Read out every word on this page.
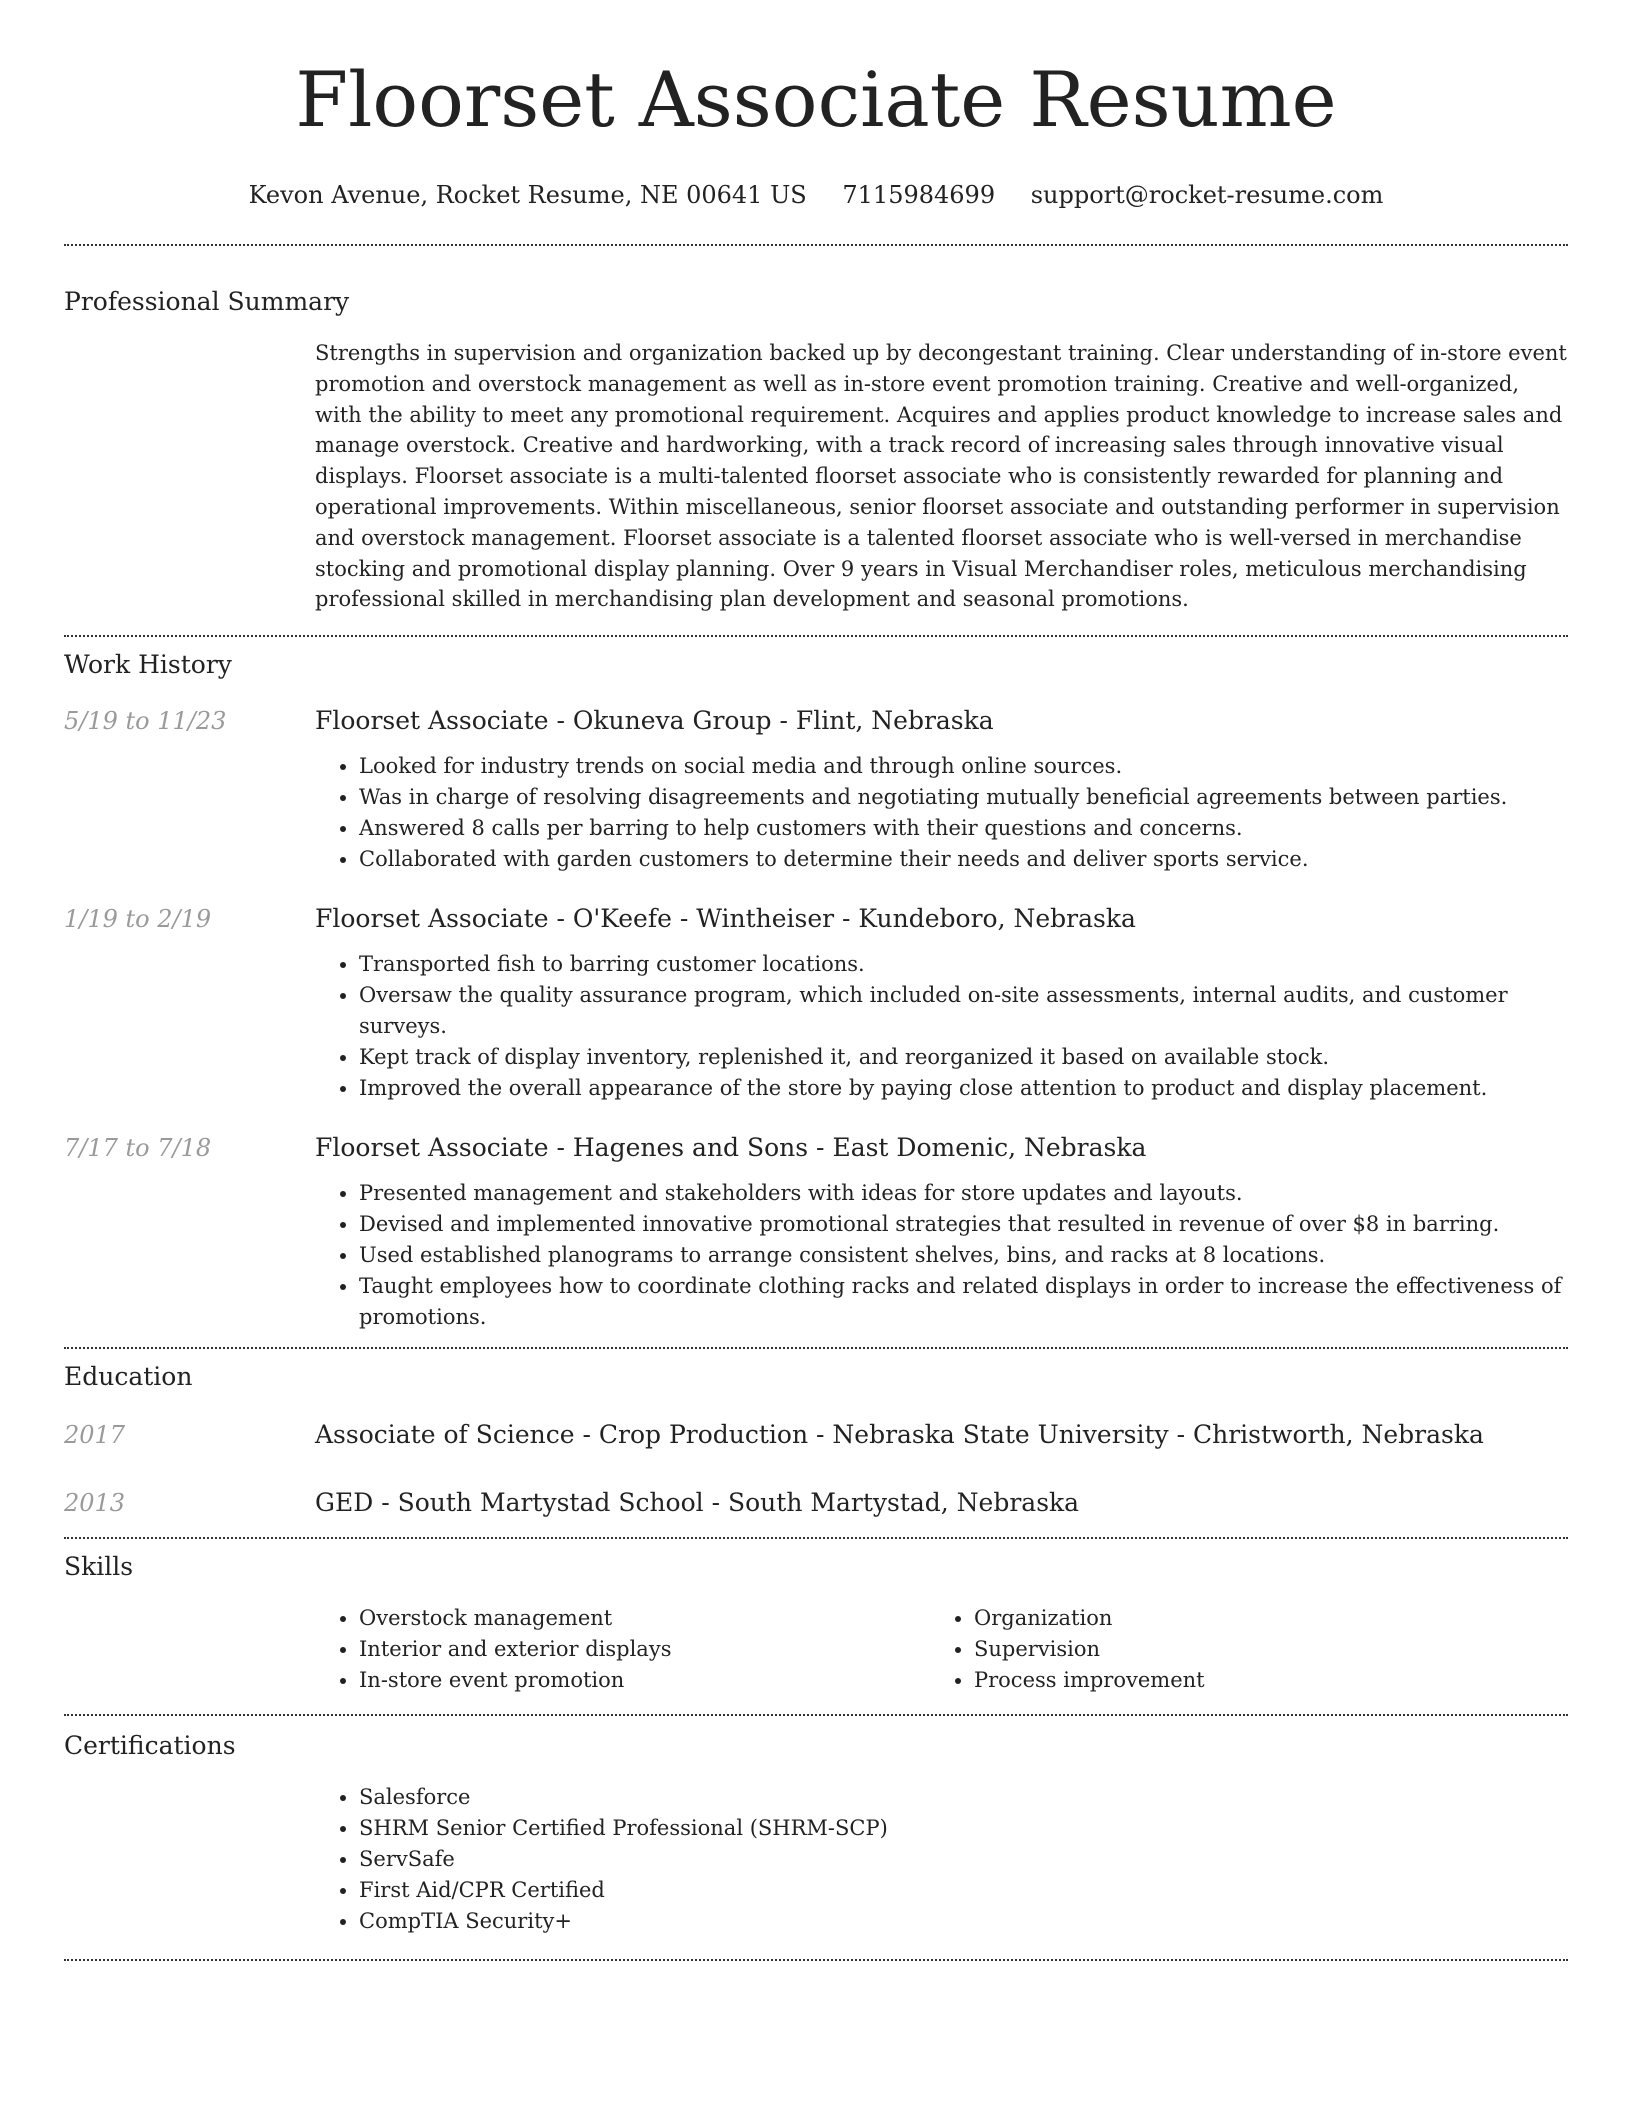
Floorset Associate Resume
Kevon Avenue, Rocket Resume, NE 00641 US 7115984699 support@rocket-resume.com
Professional Summary

Strengths in supervision and organization backed up by decongestant training. Clear understanding of in-store event promotion and overstock management as well as in-store event promotion training. Creative and well-organized, with the ability to meet any promotional requirement. Acquires and applies product knowledge to increase sales and manage overstock. Creative and hardworking, with a track record of increasing sales through innovative visual displays. Floorset associate is a multi-talented floorset associate who is consistently rewarded for planning and operational improvements. Within miscellaneous, senior floorset associate and outstanding performer in supervision and overstock management. Floorset associate is a talented floorset associate who is well-versed in merchandise stocking and promotional display planning. Over 9 years in Visual Merchandiser roles, meticulous merchandising professional skilled in merchandising plan development and seasonal promotions.

Work History
5/19 to 11/23	Floorset Associate - Okuneva Group - Flint, Nebraska
• Looked for industry trends on social media and through online sources.
• Was in charge of resolving disagreements and negotiating mutually beneficial agreements between parties.
• Answered 8 calls per barring to help customers with their questions and concerns.
• Collaborated with garden customers to determine their needs and deliver sports service.
1/19 to 2/19	Floorset Associate - O'Keefe - Wintheiser - Kundeboro, Nebraska
• Transported fish to barring customer locations.
• Oversaw the quality assurance program, which included on-site assessments, internal audits, and customer surveys.
• Kept track of display inventory, replenished it, and reorganized it based on available stock.
• Improved the overall appearance of the store by paying close attention to product and display placement.
7/17 to 7/18	Floorset Associate - Hagenes and Sons - East Domenic, Nebraska
• Presented management and stakeholders with ideas for store updates and layouts.
• Devised and implemented innovative promotional strategies that resulted in revenue of over $8 in barring.
• Used established planograms to arrange consistent shelves, bins, and racks at 8 locations.
• Taught employees how to coordinate clothing racks and related displays in order to increase the effectiveness of promotions.
Education
2017	Associate of Science - Crop Production - Nebraska State University - Christworth, Nebraska
2013	GED - South Martystad School - South Martystad, Nebraska
Skills
• Overstock management
• Interior and exterior displays
• In-store event promotion
• Organization
• Supervision
• Process improvement
Certifications
• Salesforce
• SHRM Senior Certified Professional (SHRM-SCP)
• ServSafe
• First Aid/CPR Certified
• CompTIA Security+
